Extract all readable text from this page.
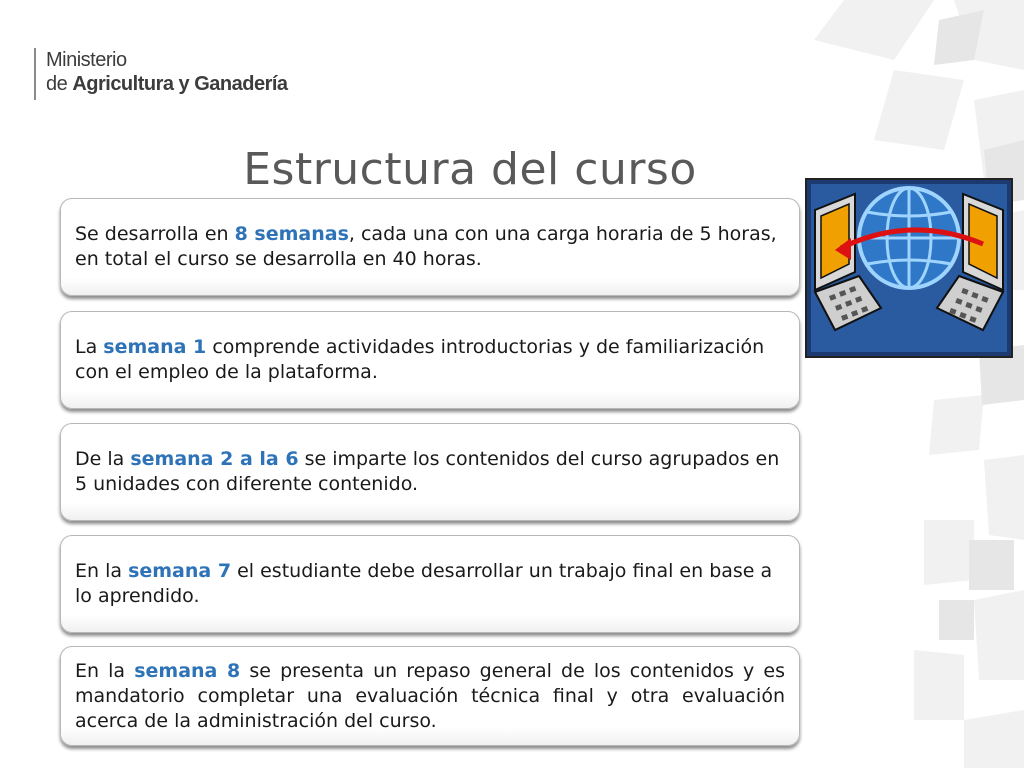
Ministerio
de Agricultura y Ganadería
Estructura del curso

Se desarrolla en 8 semanas, cada una con una carga horaria de 5 horas, en total el curso se desarrolla en 40 horas.

La semana 1 comprende actividades introductorias y de familiarización con el empleo de la plataforma.

De la semana 2 a la 6 se imparte los contenidos del curso agrupados en 5 unidades con diferente contenido.

En la semana 7 el estudiante debe desarrollar un trabajo final en base a lo aprendido.

En la semana 8 se presenta un repaso general de los contenidos y es mandatorio completar una evaluación técnica final y otra evaluación acerca de la administración del curso.
